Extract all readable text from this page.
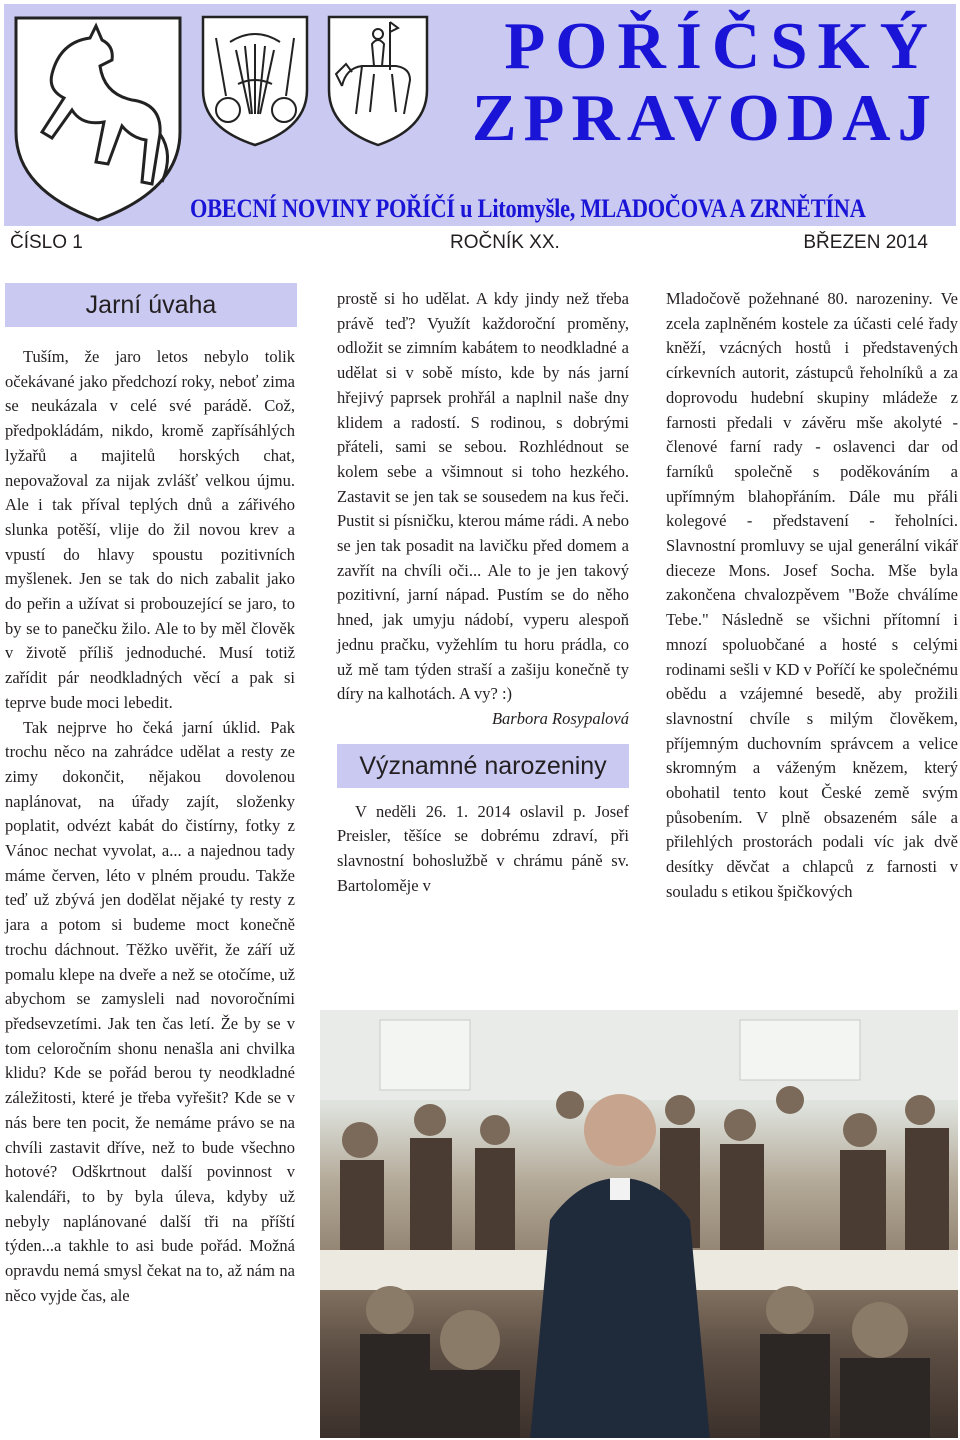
POŘÍČSKÝ
ZPRAVODAJ
OBECNÍ NOVINY POŘÍČÍ u Litomyšle, MLADOČOVA A ZRNĚTÍNA
ČÍSLO 1	ROČNÍK XX.	BŘEZEN 2014
Jarní úvaha

Tuším, že jaro letos nebylo tolik očekávané jako předchozí roky, neboť zima se neukázala v celé své parádě. Což, předpokládám, nikdo, kromě zapřísáhlých lyžařů a majitelů horských chat, nepovažoval za nijak zvlášť velkou újmu. Ale i tak příval teplých dnů a zářivého slunka potěší, vlije do žil novou krev a vpustí do hlavy spoustu pozitivních myšlenek. Jen se tak do nich zabalit jako do peřin a užívat si probouzející se jaro, to by se to panečku žilo. Ale to by měl člověk v životě příliš jednoduché. Musí totiž zařídit pár neodkladných věcí a pak si teprve bude moci lebedit.

Tak nejprve ho čeká jarní úklid. Pak trochu něco na zahrádce udělat a resty ze zimy dokončit, nějakou dovolenou naplánovat, na úřady zajít, složenky poplatit, odvézt kabát do čistírny, fotky z Vánoc nechat vyvolat, a... a najednou tady máme červen, léto v plném proudu. Takže teď už zbývá jen dodělat nějaké ty resty z jara a potom si budeme moct konečně trochu dáchnout. Těžko uvěřit, že září už pomalu klepe na dveře a než se otočíme, už abychom se zamysleli nad novoročními předsevzetími. Jak ten čas letí. Že by se v tom celoročním shonu nenašla ani chvilka klidu? Kde se pořád berou ty neodkladné záležitosti, které je třeba vyřešit? Kde se v nás bere ten pocit, že nemáme právo se na chvíli zastavit dříve, než to bude všechno hotové? Odškrtnout další povinnost v kalendáři, to by byla úleva, kdyby už nebyly naplánované další tři na příští týden...a takhle to asi bude pořád. Možná opravdu nemá smysl čekat na to, až nám na něco vyjde čas, ale

prostě si ho udělat. A kdy jindy než třeba právě teď? Využít každoroční proměny, odložit se zimním kabátem to neodkladné a udělat si v sobě místo, kde by nás jarní hřejivý paprsek prohřál a naplnil naše dny klidem a radostí. S rodinou, s dobrými přáteli, sami se sebou. Rozhlédnout se kolem sebe a všimnout si toho hezkého. Zastavit se jen tak se sousedem na kus řeči. Pustit si písničku, kterou máme rádi. A nebo se jen tak posadit na lavičku před domem a zavřít na chvíli oči... Ale to je jen takový pozitivní, jarní nápad. Pustím se do něho hned, jak umyju nádobí, vyperu alespoň jednu pračku, vyžehlím tu horu prádla, co už mě tam týden straší a zašiju konečně ty díry na kalhotách. A vy? :)

Barbora Rosypalová

Významné narozeniny

V neděli 26. 1. 2014 oslavil p. Josef Preisler, těšíce se dobrému zdraví, při slavnostní bohoslužbě v chrámu páně sv. Bartoloměje v

Mladočově požehnané 80. narozeniny. Ve zcela zaplněném kostele za účasti celé řady kněží, vzácných hostů i představených církevních autorit, zástupců řeholníků a za doprovodu hudební skupiny mládeže z farnosti předali v závěru mše akolyté - členové farní rady - oslavenci dar od farníků společně s poděkováním a upřímným blahopřáním. Dále mu přáli kolegové - představení - řeholníci. Slavnostní promluvy se ujal generální vikář dieceze Mons. Josef Socha. Mše byla zakončena chvalozpěvem "Bože chválíme Tebe." Následně se všichni přítomní i mnozí spoluobčané a hosté s celými rodinami sešli v KD v Poříčí ke společnému obědu a vzájemné besedě, aby prožili slavnostní chvíle s milým člověkem, příjemným duchovním správcem a velice skromným a váženým knězem, který obohatil tento kout České země svým působením. V plně obsazeném sále a přilehlých prostorách podali víc jak dvě desítky děvčat a chlapců z farnosti v souladu s etikou špičkových
